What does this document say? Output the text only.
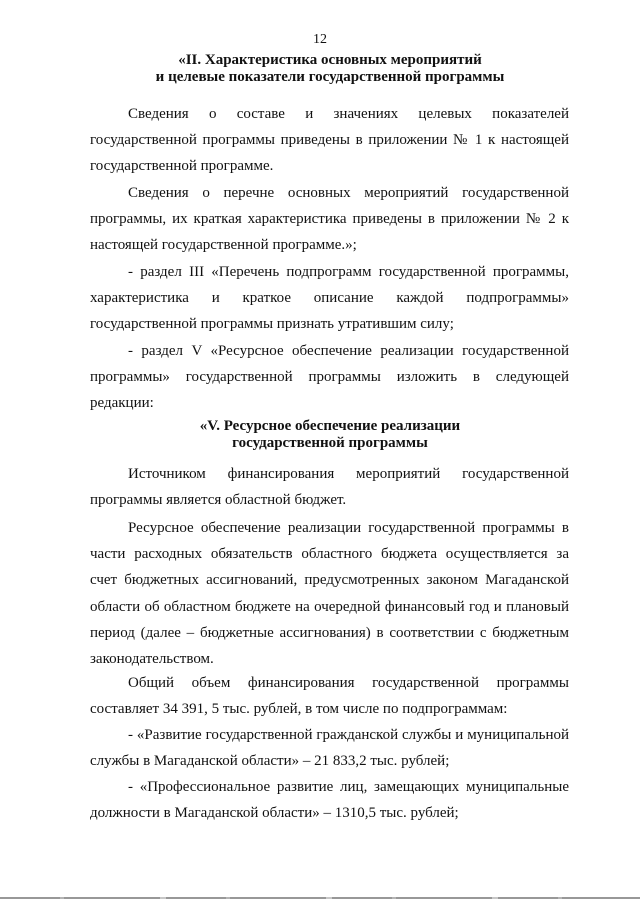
12
«II. Характеристика основных мероприятий
и целевые показатели государственной программы

Сведения о составе и значениях целевых показателей государственной программы приведены в приложении № 1 к настоящей государственной программе.

Сведения о перечне основных мероприятий государственной программы, их краткая характеристика приведены в приложении № 2 к настоящей государственной программе.»;

- раздел III «Перечень подпрограмм государственной программы, характеристика и краткое описание каждой подпрограммы» государственной программы признать утратившим силу;

- раздел V «Ресурсное обеспечение реализации государственной программы» государственной программы изложить в следующей редакции:

«V. Ресурсное обеспечение реализации
государственной программы

Источником финансирования мероприятий государственной программы является областной бюджет.

Ресурсное обеспечение реализации государственной программы в части расходных обязательств областного бюджета осуществляется за счет бюджетных ассигнований, предусмотренных законом Магаданской области об областном бюджете на очередной финансовый год и плановый период (далее – бюджетные ассигнования) в соответствии с бюджетным законодательством.

Общий объем финансирования государственной программы составляет 34 391, 5 тыс. рублей, в том числе по подпрограммам:

- «Развитие государственной гражданской службы и муниципальной службы в Магаданской области» – 21 833,2 тыс. рублей;

- «Профессиональное развитие лиц, замещающих муниципальные должности в Магаданской области» – 1310,5 тыс. рублей;
